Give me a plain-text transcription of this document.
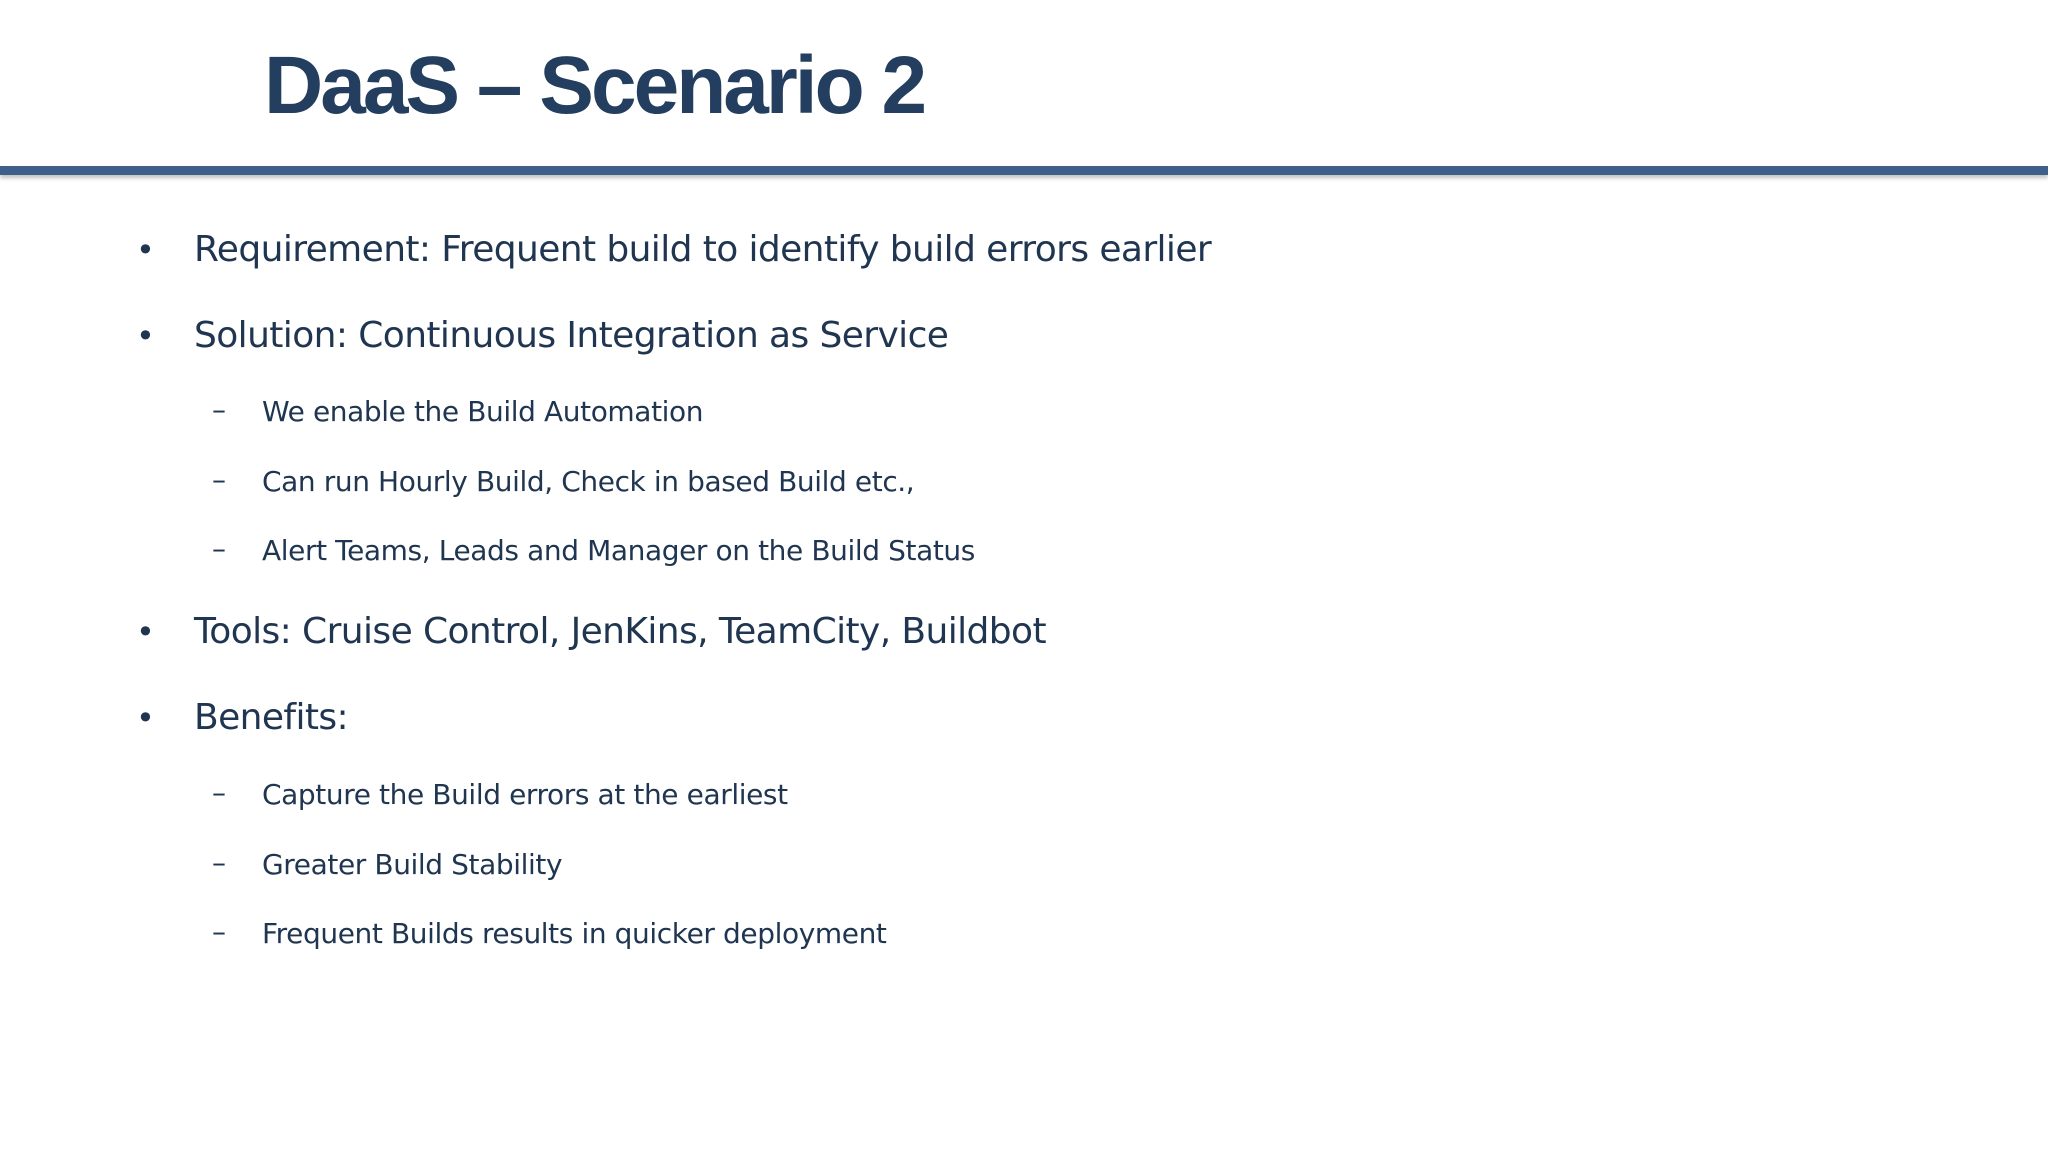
DaaS – Scenario 2
•	Requirement: Frequent build to identify build errors earlier
•	Solution: Continuous Integration as Service
– We enable the Build Automation
– Can run Hourly Build, Check in based Build etc.,
– Alert Teams, Leads and Manager on the Build Status
•	Tools: Cruise Control, JenKins, TeamCity, Buildbot
•	Benefits:
– Capture the Build errors at the earliest
– Greater Build Stability
– Frequent Builds results in quicker deployment
